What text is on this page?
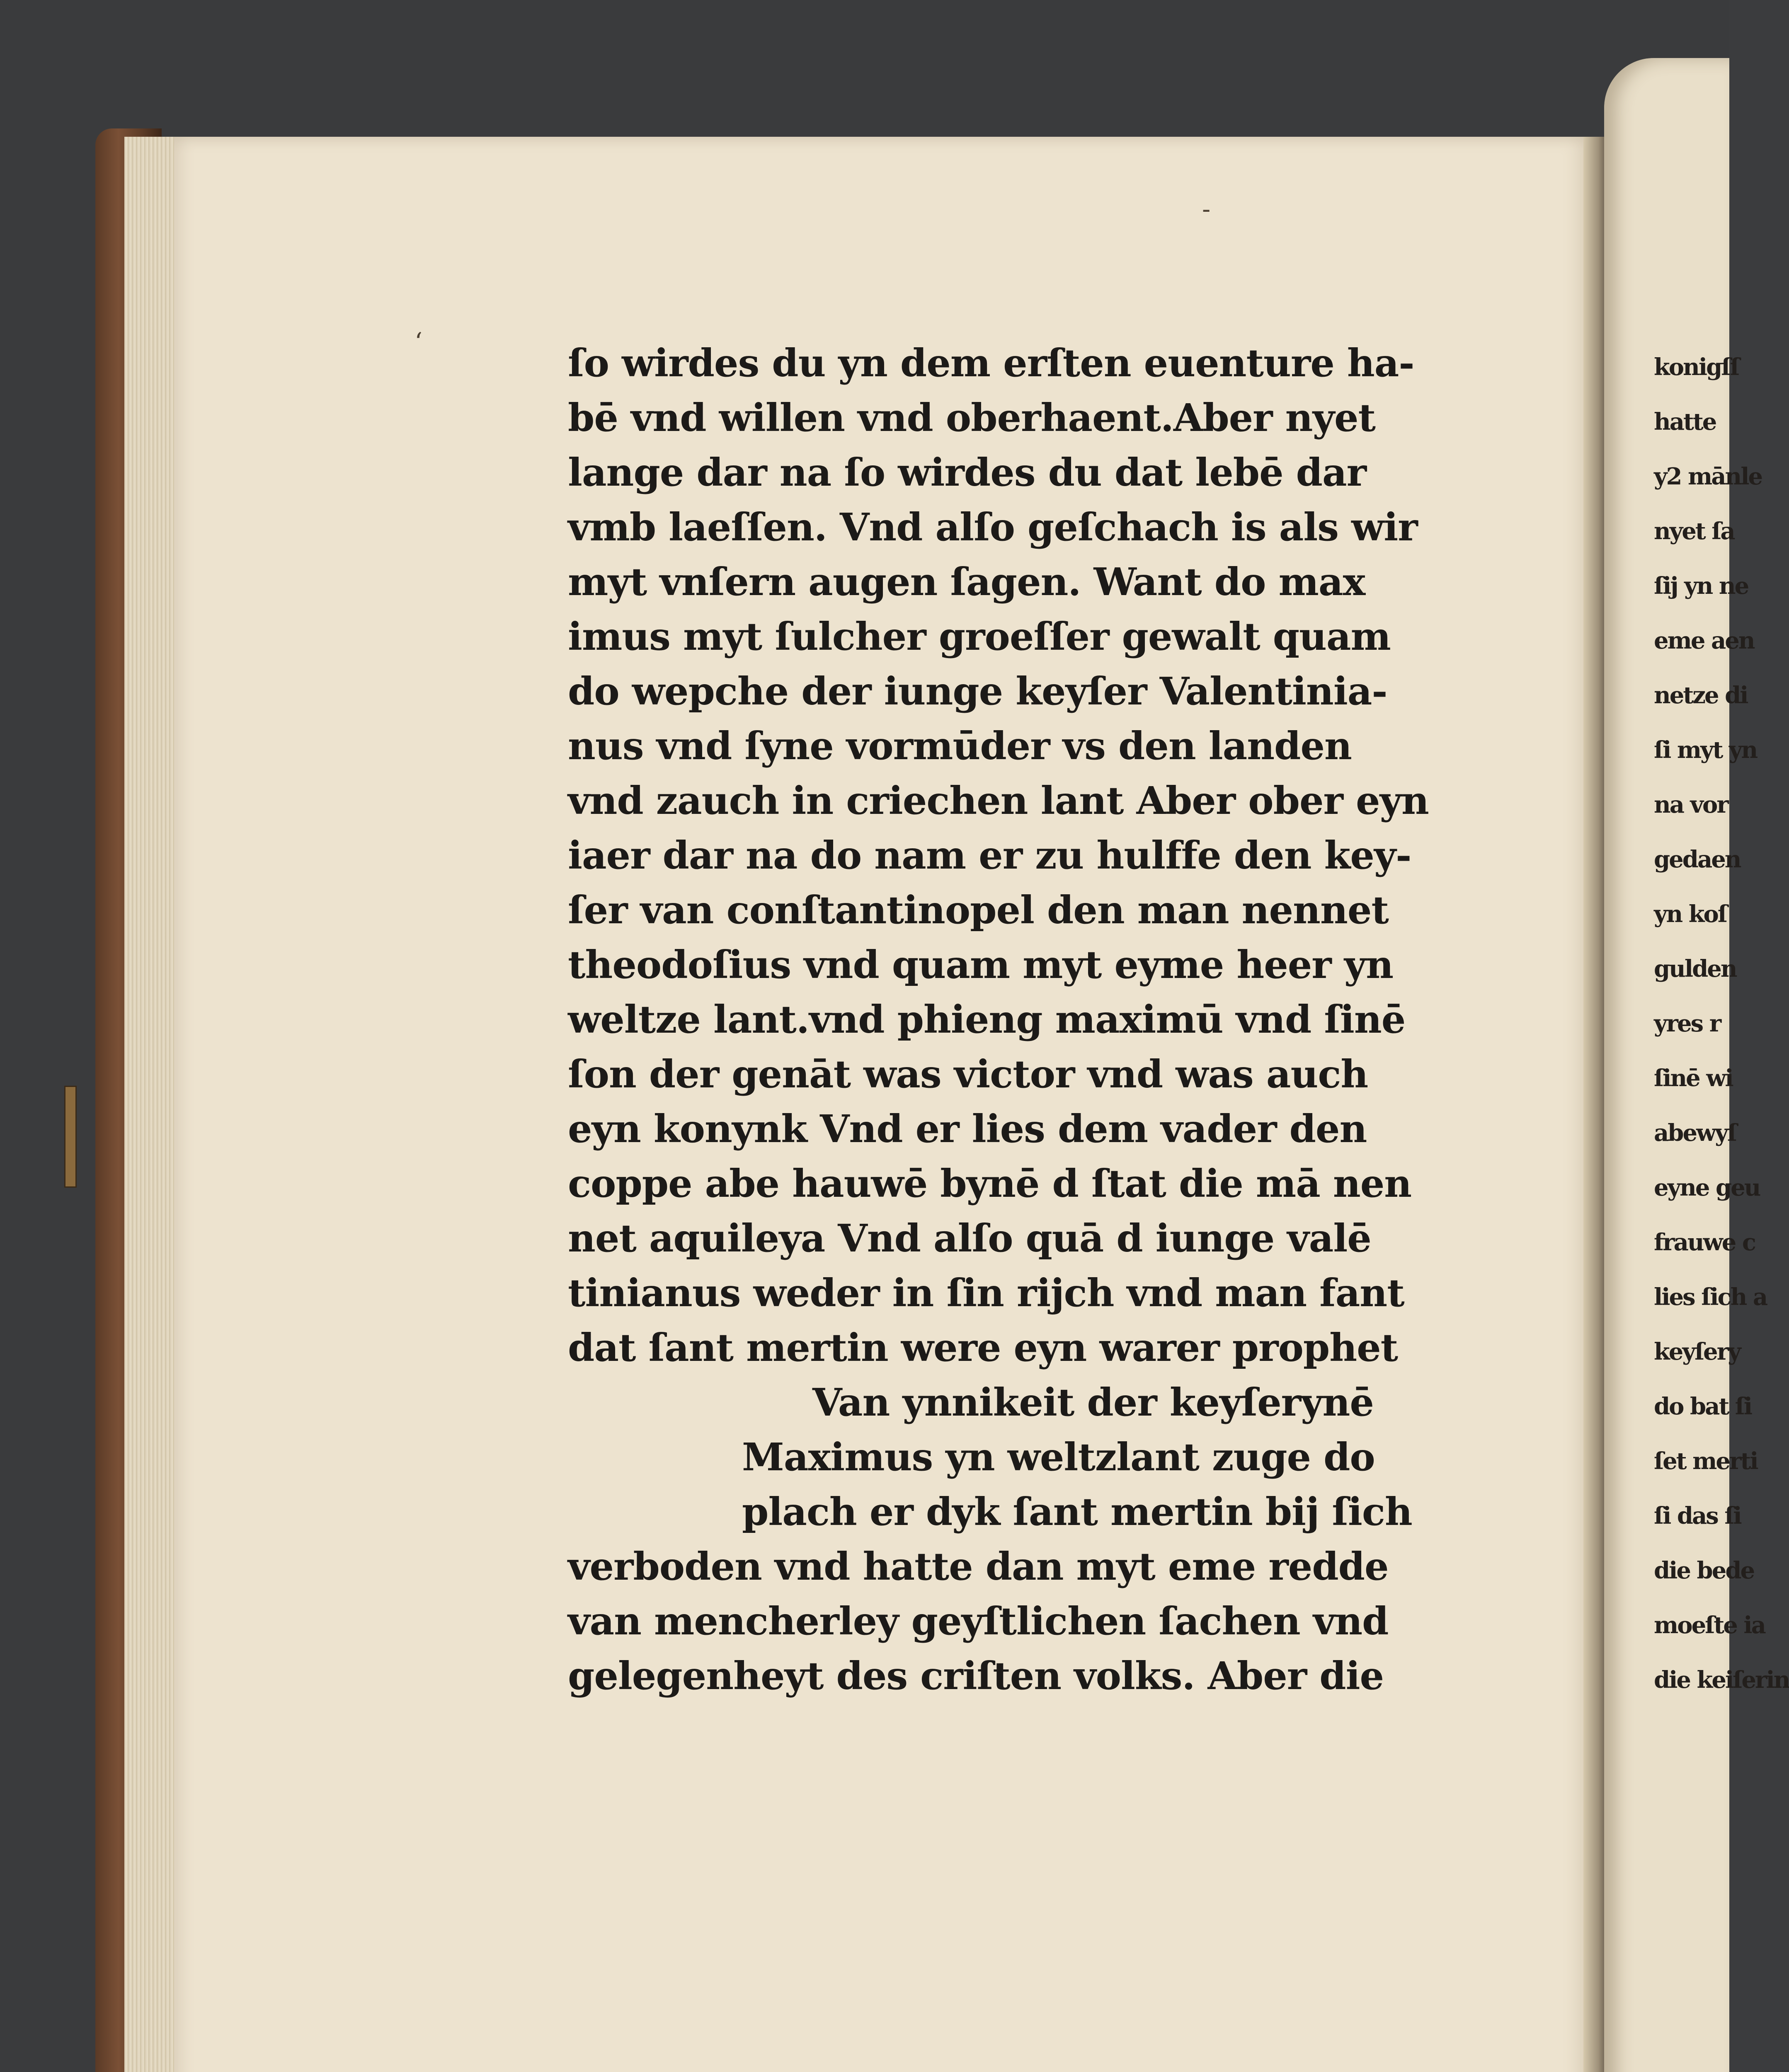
‘
-
ſo wirdes du yn dem erſten euenture ha-
bē vnd willen vnd oberhaent.Aber nyet
lange dar na ſo wirdes du dat lebē dar
vmb laeſſen. Vnd alſo geſchach is als wir
myt vnſern augen ſagen. Want do max
imus myt ſulcher groeſſer gewalt quam
do wepche der iunge keyſer Valentinia-
nus vnd ſyne vormūder vs den landen
vnd zauch in criechen lant Aber ober eyn
iaer dar na do nam er zu hulffe den key-
ſer van conſtantinopel den man nennet
theodoſius vnd quam myt eyme heer yn
weltze lant.vnd phieng maximū vnd ſinē
ſon der genāt was victor vnd was auch
eyn konynk Vnd er lies dem vader den
coppe abe hauwē bynē d ſtat die mā nen
net aquileya Vnd alſo quā d iunge valē
tinianus weder in ſin rijch vnd man fant
dat ſant mertin were eyn warer prophet
Van ynnikeit der keyſerynē
Maximus yn weltzlant zuge do
plach er dyk ſant mertin bij ſich
verboden vnd hatte dan myt eme redde
van mencherley geyſtlichen ſachen vnd
gelegenheyt des criſten volks. Aber die
konigſſ
hatte
y2 mānle
nyet ſa
ſij yn ne
eme aen
netze di
ſi myt yn
na vor
gedaen
yn koſ
gulden
yres r
ſinē wi
abewyſ
eyne geu
frauwe c
lies ſich a
keyſery
do bat ſi
ſet merti
ſi das ſi
die bede
moeſte ia
die keiſerin
